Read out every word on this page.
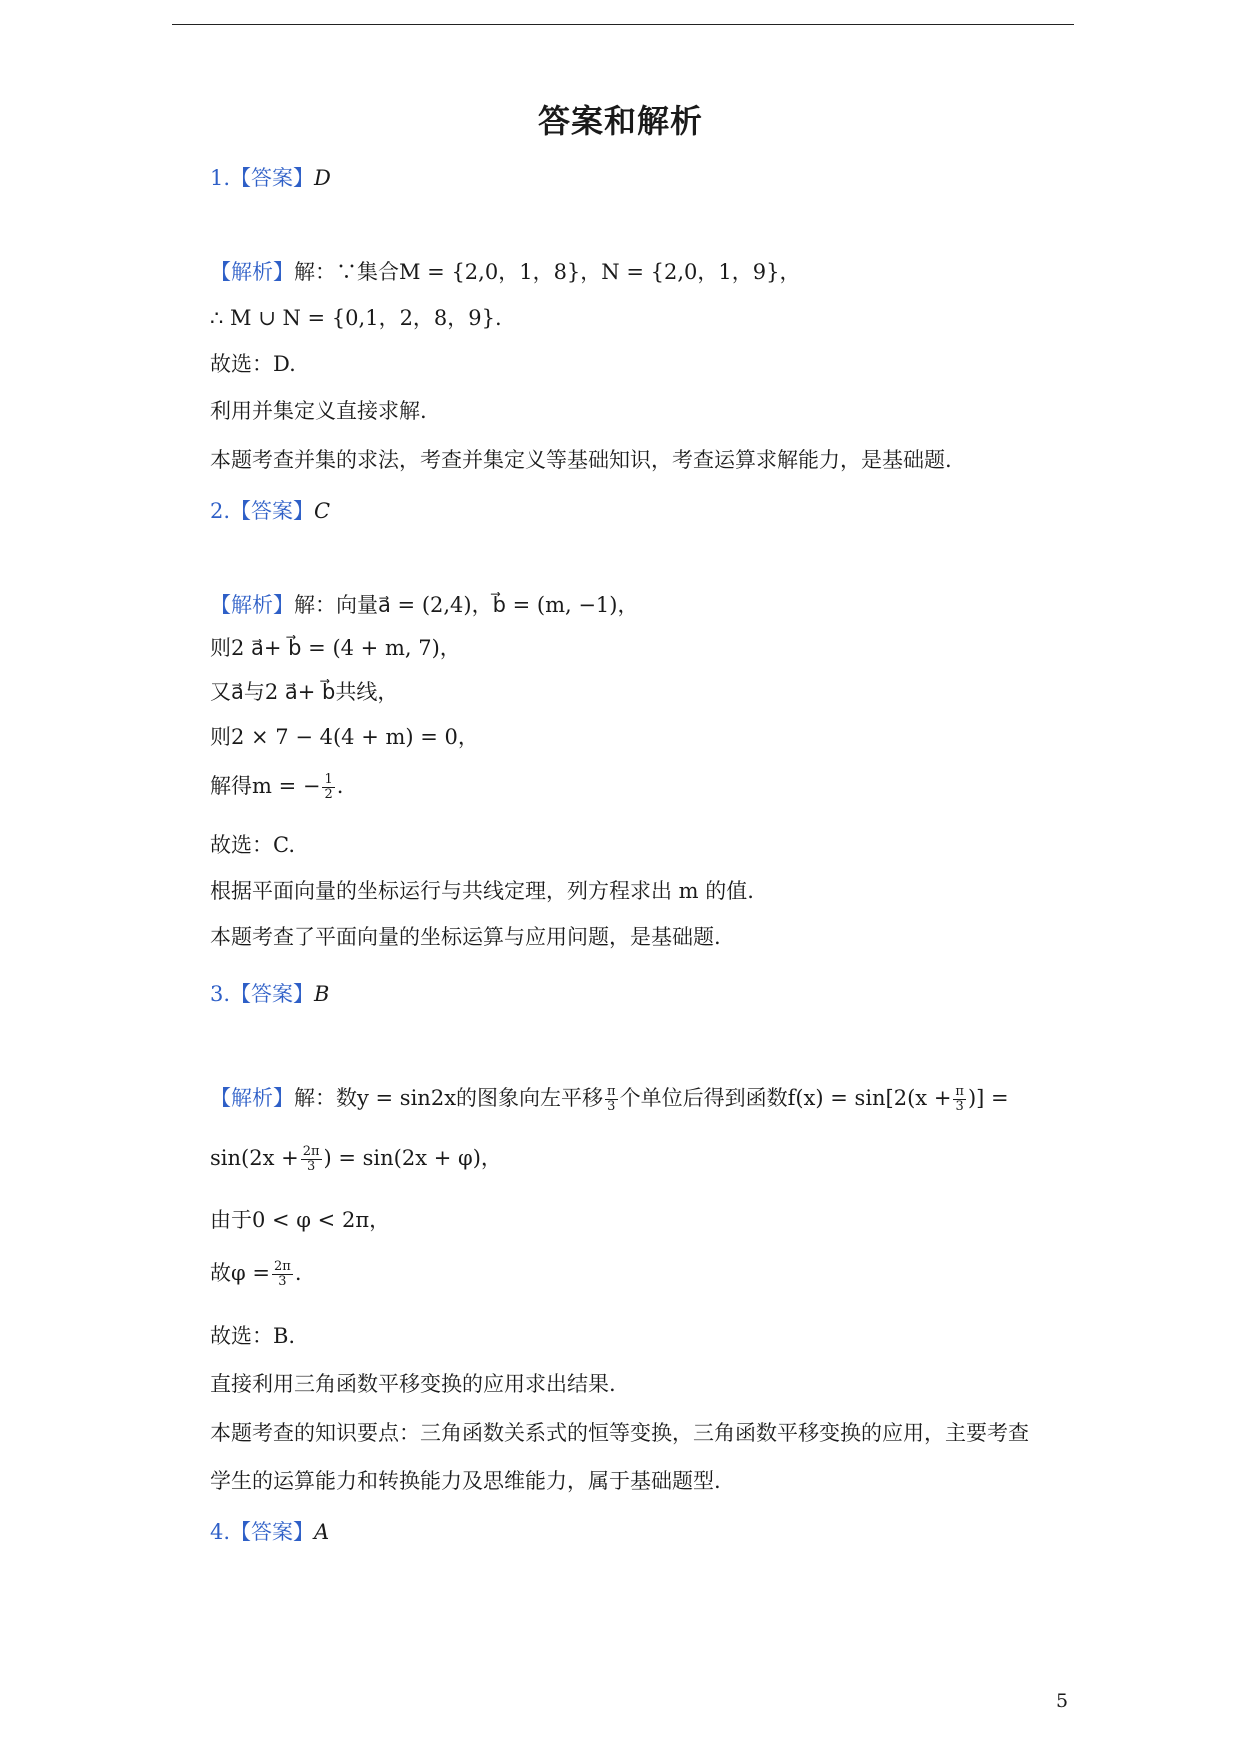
答案和解析
1.【答案】D
【解析】解：∵集合M = {2,0，1，8}，N = {2,0，1，9}，
∴ M ∪ N = {0,1，2，8，9}.
故选：D.
利用并集定义直接求解.
本题考查并集的求法，考查并集定义等基础知识，考查运算求解能力，是基础题.
2.【答案】C
【解析】解：向量a⃗ = (2,4)，b⃗ = (m, −1)，
则2 a⃗+ b⃗ = (4 + m, 7)，
又a⃗与2 a⃗+ b⃗共线，
则2 × 7 − 4(4 + m) = 0，
解得m = − $\frac{1}{2}$ .
故选：C.
根据平面向量的坐标运行与共线定理，列方程求出 m 的值.
本题考查了平面向量的坐标运算与应用问题，是基础题.
3.【答案】B
【解析】解：数y = sin2x的图象向左平移 $\frac{\pi}{3}$ 个单位后得到函数$f(x) = \sin[2(x + \frac{\pi}{3}$ )] =
$\sin(2x + \frac{2\pi}{3}$ ) = sin(2x + φ)，
由于0 < φ < 2π，
故$\varphi = \frac{2\pi}{3}$ .
故选：B.
直接利用三角函数平移变换的应用求出结果.
本题考查的知识要点：三角函数关系式的恒等变换，三角函数平移变换的应用，主要考查
学生的运算能力和转换能力及思维能力，属于基础题型.
4.【答案】A
5
